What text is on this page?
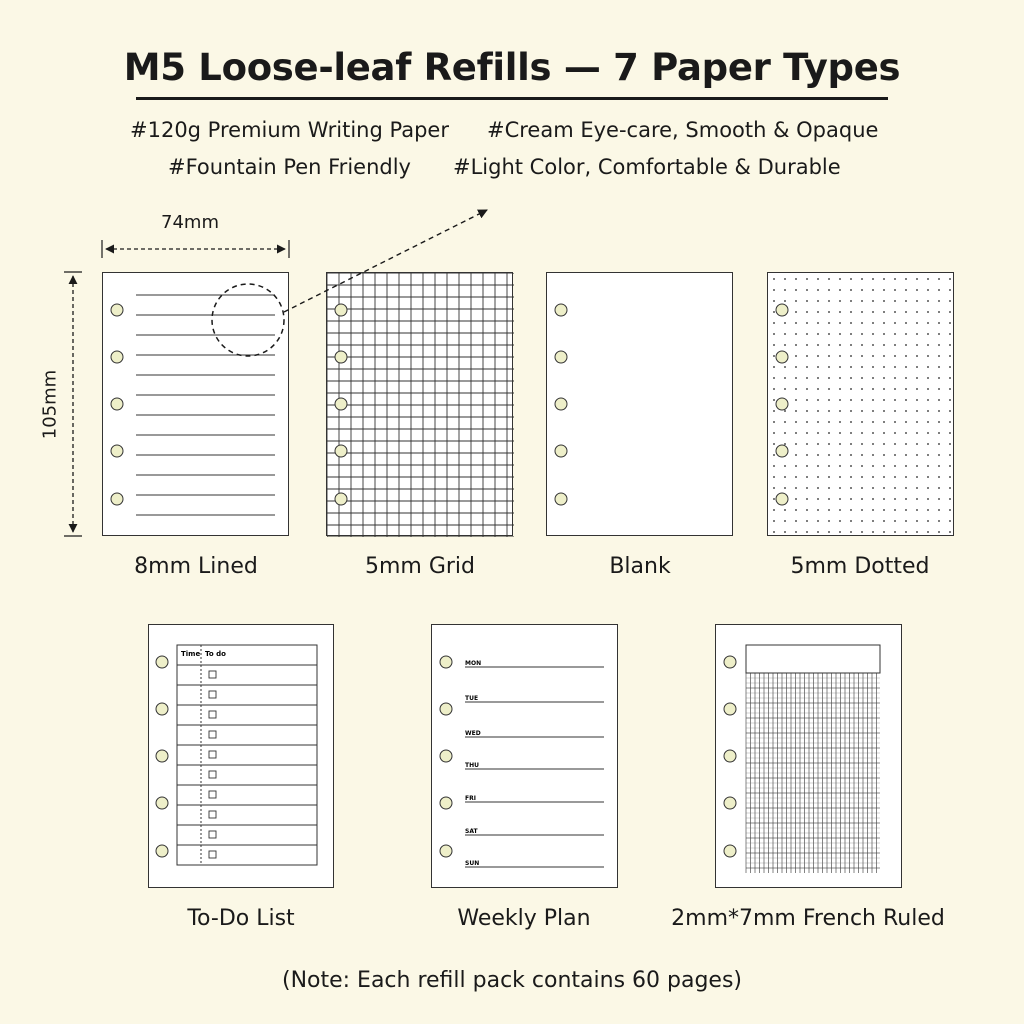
M5 Loose-leaf Refills — 7 Paper Types
#120g Premium Writing Paper #Cream Eye-care, Smooth & Opaque
#Fountain Pen Friendly #Light Color, Comfortable & Durable
74mm
105mm
8mm Lined	5mm Grid	Blank	5mm Dotted
Time To do
MON
TUE
WED
THU
FRI
SAT
SUN
To-Do List	Weekly Plan	2mm*7mm French Ruled
(Note: Each refill pack contains 60 pages)
